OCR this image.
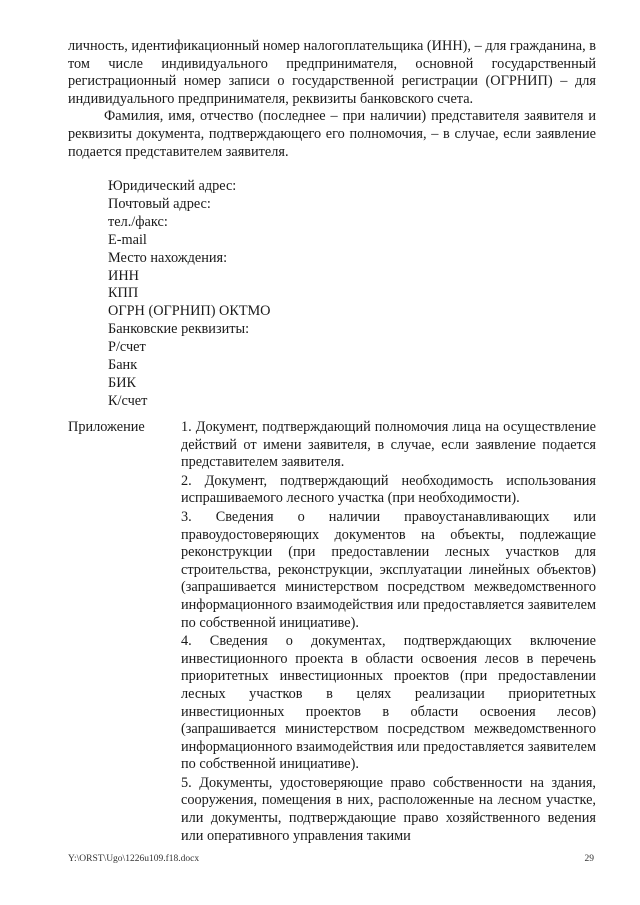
личность, идентификационный номер налогоплательщика (ИНН), – для гражданина, в том числе индивидуального предпринимателя, основной государственный регистрационный номер записи о государственной регистрации (ОГРНИП) – для индивидуального предпринимателя, реквизиты банковского счета.

Фамилия, имя, отчество (последнее – при наличии) представителя заявителя и реквизиты документа, подтверждающего его полномочия, – в случае, если заявление подается представителем заявителя.

Юридический адрес:
Почтовый адрес:
тел./факс:
E-mail
Место нахождения:
ИНН
КПП
ОГРН (ОГРНИП) ОКТМО
Банковские реквизиты:
Р/счет
Банк
БИК
К/счет
Приложение	1. Документ, подтверждающий полномочия лица на осуществление действий от имени заявителя, в случае, если заявление подается представителем заявителя.

2. Документ, подтверждающий необходимость использования испрашиваемого лесного участка (при необходимости).

3. Сведения о наличии правоустанавливающих или правоудостоверяющих документов на объекты, подлежащие реконструкции (при предоставлении лесных участков для строительства, реконструкции, эксплуатации линейных объектов) (запрашивается министерством посредством межведомственного информационного взаимодействия или предоставляется заявителем по собственной инициативе).

4. Сведения о документах, подтверждающих включение инвестиционного проекта в области освоения лесов в перечень приоритетных инвестиционных проектов (при предоставлении лесных участков в целях реализации приоритетных инвестиционных проектов в области освоения лесов) (запрашивается министерством посредством межведомственного информационного взаимодействия или предоставляется заявителем по собственной инициативе).

5. Документы, удостоверяющие право собственности на здания, сооружения, помещения в них, расположенные на лесном участке, или документы, подтверждающие право хозяйственного ведения или оперативного управления такими

Y:\ORST\Ugo\1226u109.f18.docx	29
